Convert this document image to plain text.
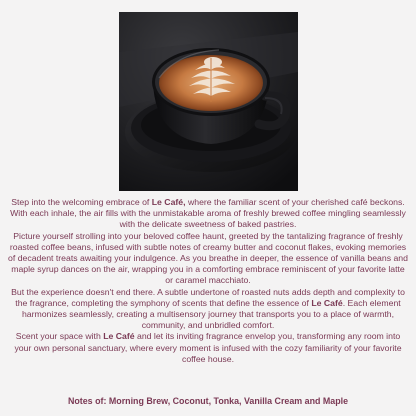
Step into the welcoming embrace of Le Café, where the familiar scent of your cherished café beckons. With each inhale, the air fills with the unmistakable aroma of freshly brewed coffee mingling seamlessly with the delicate sweetness of baked pastries.

Picture yourself strolling into your beloved coffee haunt, greeted by the tantalizing fragrance of freshly roasted coffee beans, infused with subtle notes of creamy butter and coconut flakes, evoking memories of decadent treats awaiting your indulgence. As you breathe in deeper, the essence of vanilla beans and maple syrup dances on the air, wrapping you in a comforting embrace reminiscent of your favorite latte or caramel macchiato.

But the experience doesn't end there. A subtle undertone of roasted nuts adds depth and complexity to the fragrance, completing the symphony of scents that define the essence of Le Café. Each element harmonizes seamlessly, creating a multisensory journey that transports you to a place of warmth, community, and unbridled comfort.

Scent your space with Le Café and let its inviting fragrance envelop you, transforming any room into your own personal sanctuary, where every moment is infused with the cozy familiarity of your favorite coffee house.

Notes of: Morning Brew, Coconut, Tonka, Vanilla Cream and Maple
